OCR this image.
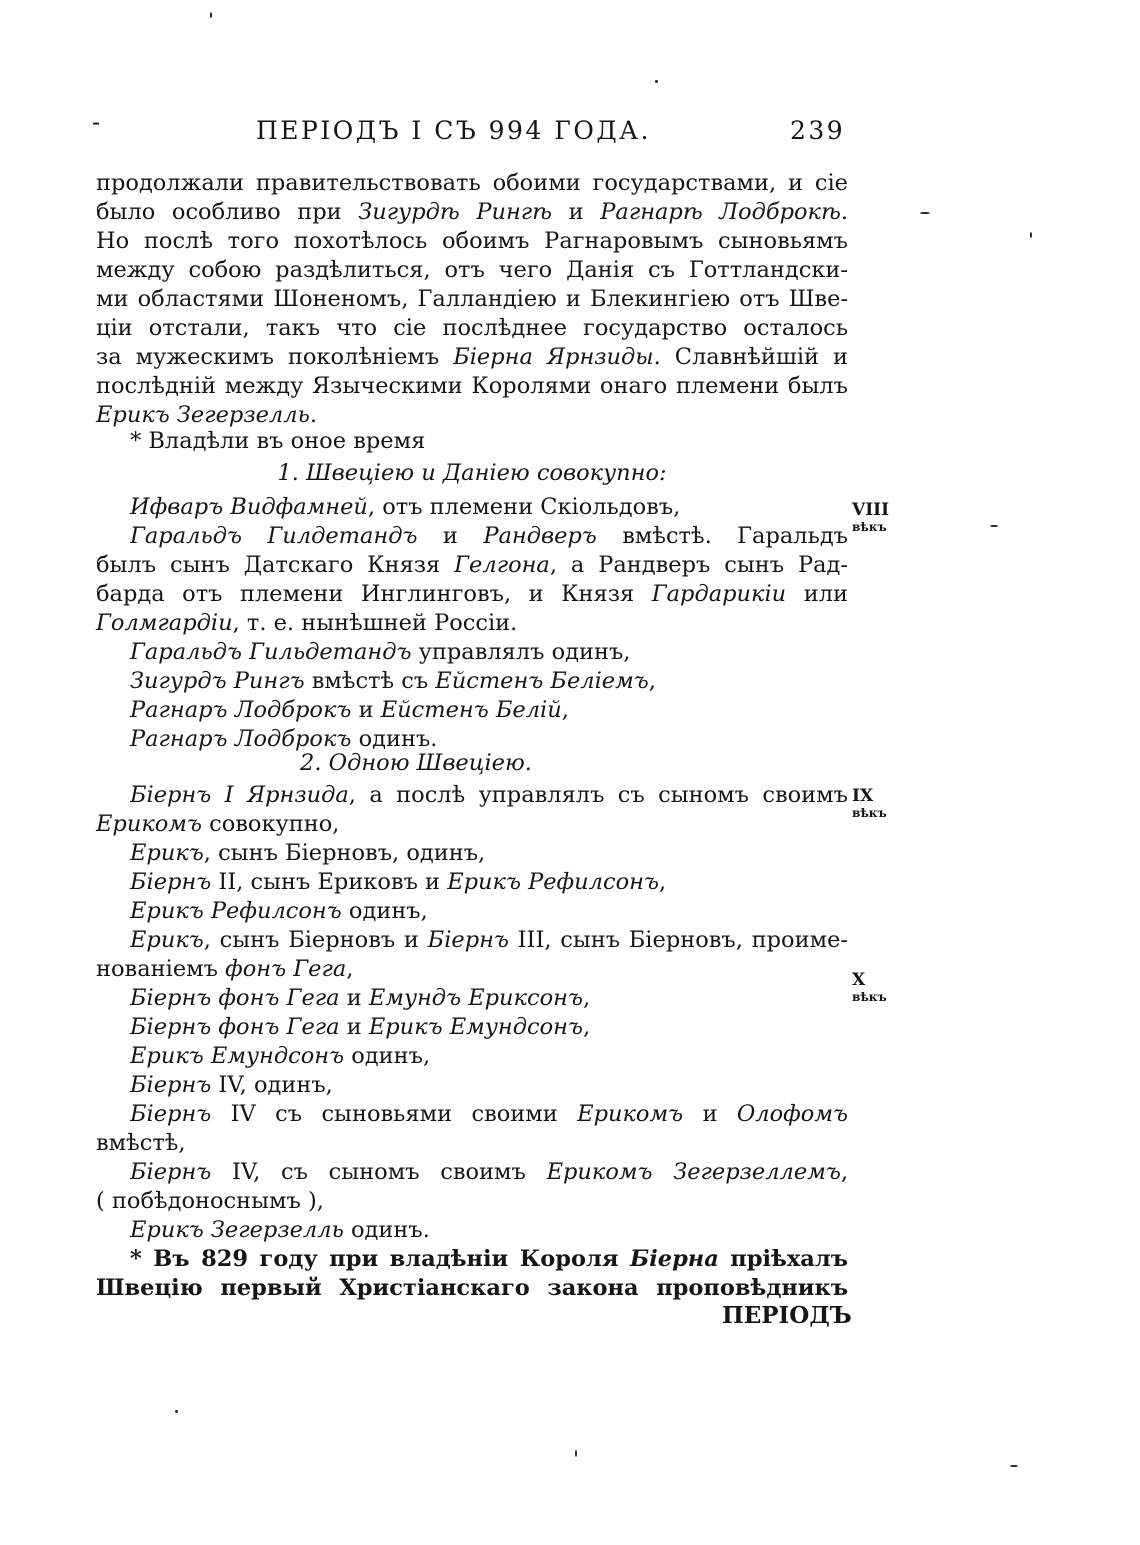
-	ПЕРIОДЪ I СЪ 994 ГОДА.	239
продолжали правительствовать обоими государствами, и сiе
было особливо при Зигурдѣ Рингѣ и Рагнарѣ Лодброкѣ.
Но послѣ того похотѣлось обоимъ Рагнаровымъ сыновьямъ
между собою раздѣлиться, отъ чего Данiя съ Готтландски-
ми областями Шоненомъ, Галландiею и Блекингiею отъ Шве-
цiи отстали, такъ что сiе послѣднее государство осталось
за мужескимъ поколѣнiемъ Бiерна Ярнзиды. Славнѣйшiй и
послѣднiй между Языческими Королями онаго племени былъ
Ерикъ Зегерзелль.
* Владѣли въ оное время
1. Швецiею и Данiею совокупно:
Ифваръ Видфамней, отъ племени Скiольдовъ,
Гаральдъ Гилдетандъ и Рандверъ вмѣстѣ. Гаральдъ
былъ сынъ Датскаго Князя Гелгона, а Рандверъ сынъ Рад-
барда отъ племени Инглинговъ, и Князя Гардарикiи или
Голмгардiи, т. е. нынѣшней Россiи.
Гаральдъ Гильдетандъ управлялъ одинъ,
Зигурдъ Рингъ вмѣстѣ съ Ейстенъ Белiемъ,
Рагнаръ Лодброкъ и Ейстенъ Белiй,
Рагнаръ Лодброкъ одинъ.
2. Одною Швецiею.
Бiернъ I Ярнзида, а послѣ управлялъ съ сыномъ своимъ
Ерикомъ совокупно,
Ерикъ, сынъ Бiерновъ, одинъ,
Бiернъ II, сынъ Ериковъ и Ерикъ Рефилсонъ,
Ерикъ Рефилсонъ одинъ,
Ерикъ, сынъ Бiерновъ и Бiернъ III, сынъ Бiерновъ, проиме-
нованiемъ фонъ Гега,
Бiернъ фонъ Гега и Емундъ Ериксонъ,
Бiернъ фонъ Гега и Ерикъ Емундсонъ,
Ерикъ Емундсонъ одинъ,
Бiернъ IV, одинъ,
Бiернъ IV съ сыновьями своими Ерикомъ и Олофомъ
вмѣстѣ,
Бiернъ IV, съ сыномъ своимъ Ерикомъ Зегерзеллемъ,
( побѣдоноснымъ ),
Ерикъ Зегерзелль одинъ.
* Въ 829 году при владѣнiи Короля Бiерна прiѣхалъ
Швецiю первый Христiанскаго закона проповѣдникъ
ПЕРIОДЪ
VIII
вѣкъ
IX
вѣкъ
X
вѣкъ
